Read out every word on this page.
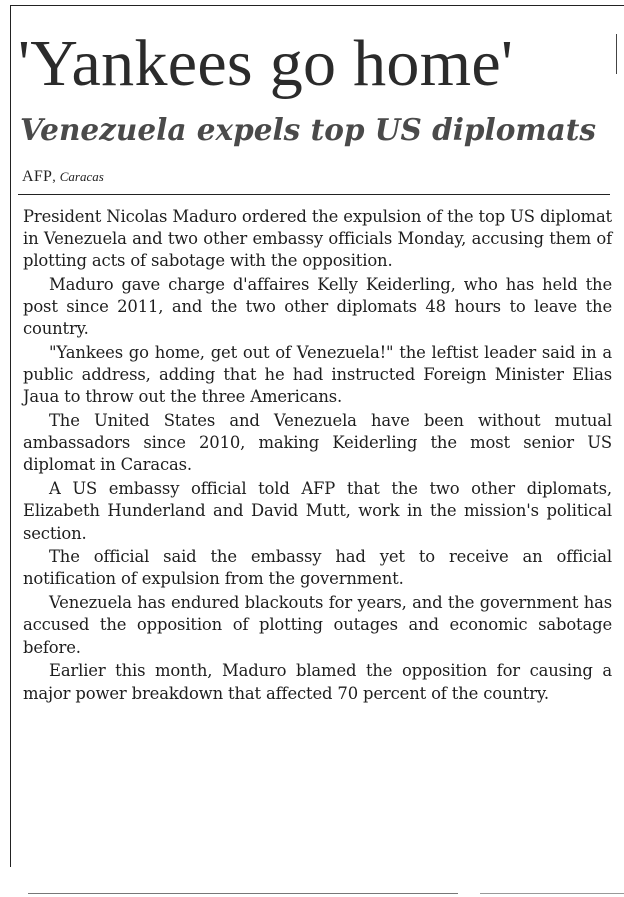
'Yankees go home'
Venezuela expels top US diplomats
AFP, Caracas

President Nicolas Maduro ordered the expulsion of the top US diplomat in Venezuela and two other embassy officials Monday, accusing them of plotting acts of sabotage with the opposition.

Maduro gave charge d'affaires Kelly Keiderling, who has held the post since 2011, and the two other diplomats 48 hours to leave the country.

"Yankees go home, get out of Venezuela!" the leftist leader said in a public address, adding that he had instructed Foreign Minister Elias Jaua to throw out the three Americans.

The United States and Venezuela have been without mutual ambassadors since 2010, making Keiderling the most senior US diplomat in Caracas.

A US embassy official told AFP that the two other diplomats, Elizabeth Hunderland and David Mutt, work in the mission's political section.

The official said the embassy had yet to receive an official notification of expulsion from the government.

Venezuela has endured blackouts for years, and the government has accused the opposition of plotting outages and economic sabotage before.

Earlier this month, Maduro blamed the opposition for causing a major power breakdown that affected 70 percent of the country.
